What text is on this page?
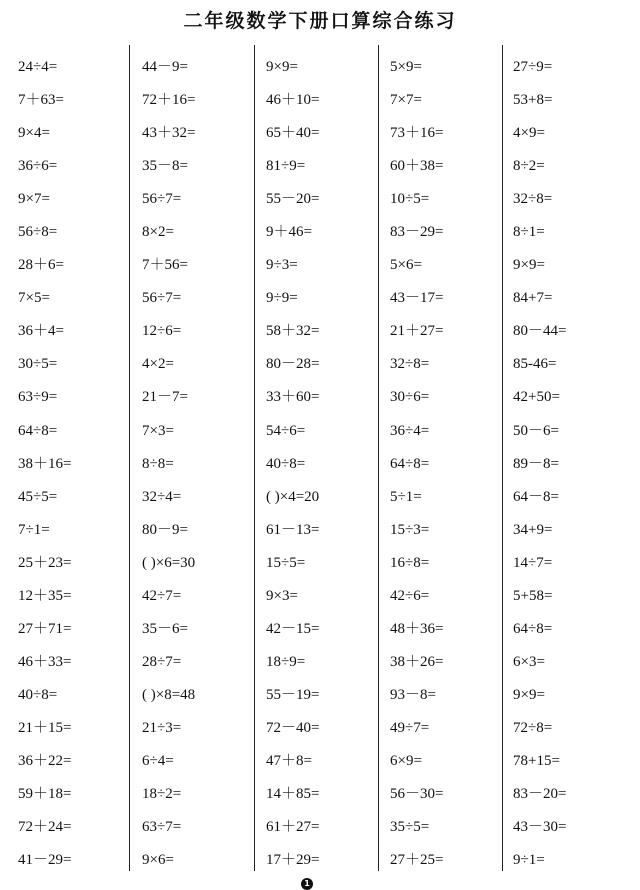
二年级数学下册口算综合练习
24÷4=
7＋63=
9×4=
36÷6=
9×7=
56÷8=
28＋6=
7×5=
36＋4=
30÷5=
63÷9=
64÷8=
38＋16=
45÷5=
7÷1=
25＋23=
12＋35=
27＋71=
46＋33=
40÷8=
21＋15=
36＋22=
59＋18=
72＋24=
41－29=
44－9=
72＋16=
43＋32=
35－8=
56÷7=
8×2=
7＋56=
56÷7=
12÷6=
4×2=
21－7=
7×3=
8÷8=
32÷4=
80－9=
( )×6=30
42÷7=
35－6=
28÷7=
( )×8=48
21÷3=
6÷4=
18÷2=
63÷7=
9×6=
9×9=
46＋10=
65＋40=
81÷9=
55－20=
9＋46=
9÷3=
9÷9=
58＋32=
80－28=
33＋60=
54÷6=
40÷8=
( )×4=20
61－13=
15÷5=
9×3=
42－15=
18÷9=
55－19=
72－40=
47＋8=
14＋85=
61＋27=
17＋29=
5×9=
7×7=
73＋16=
60＋38=
10÷5=
83－29=
5×6=
43－17=
21＋27=
32÷8=
30÷6=
36÷4=
64÷8=
5÷1=
15÷3=
16÷8=
42÷6=
48＋36=
38＋26=
93－8=
49÷7=
6×9=
56－30=
35÷5=
27＋25=
27÷9=
53+8=
4×9=
8÷2=
32÷8=
8÷1=
9×9=
84+7=
80－44=
85-46=
42+50=
50－6=
89－8=
64－8=
34+9=
14÷7=
5+58=
64÷8=
6×3=
9×9=
72÷8=
78+15=
83－20=
43－30=
9÷1=
1
